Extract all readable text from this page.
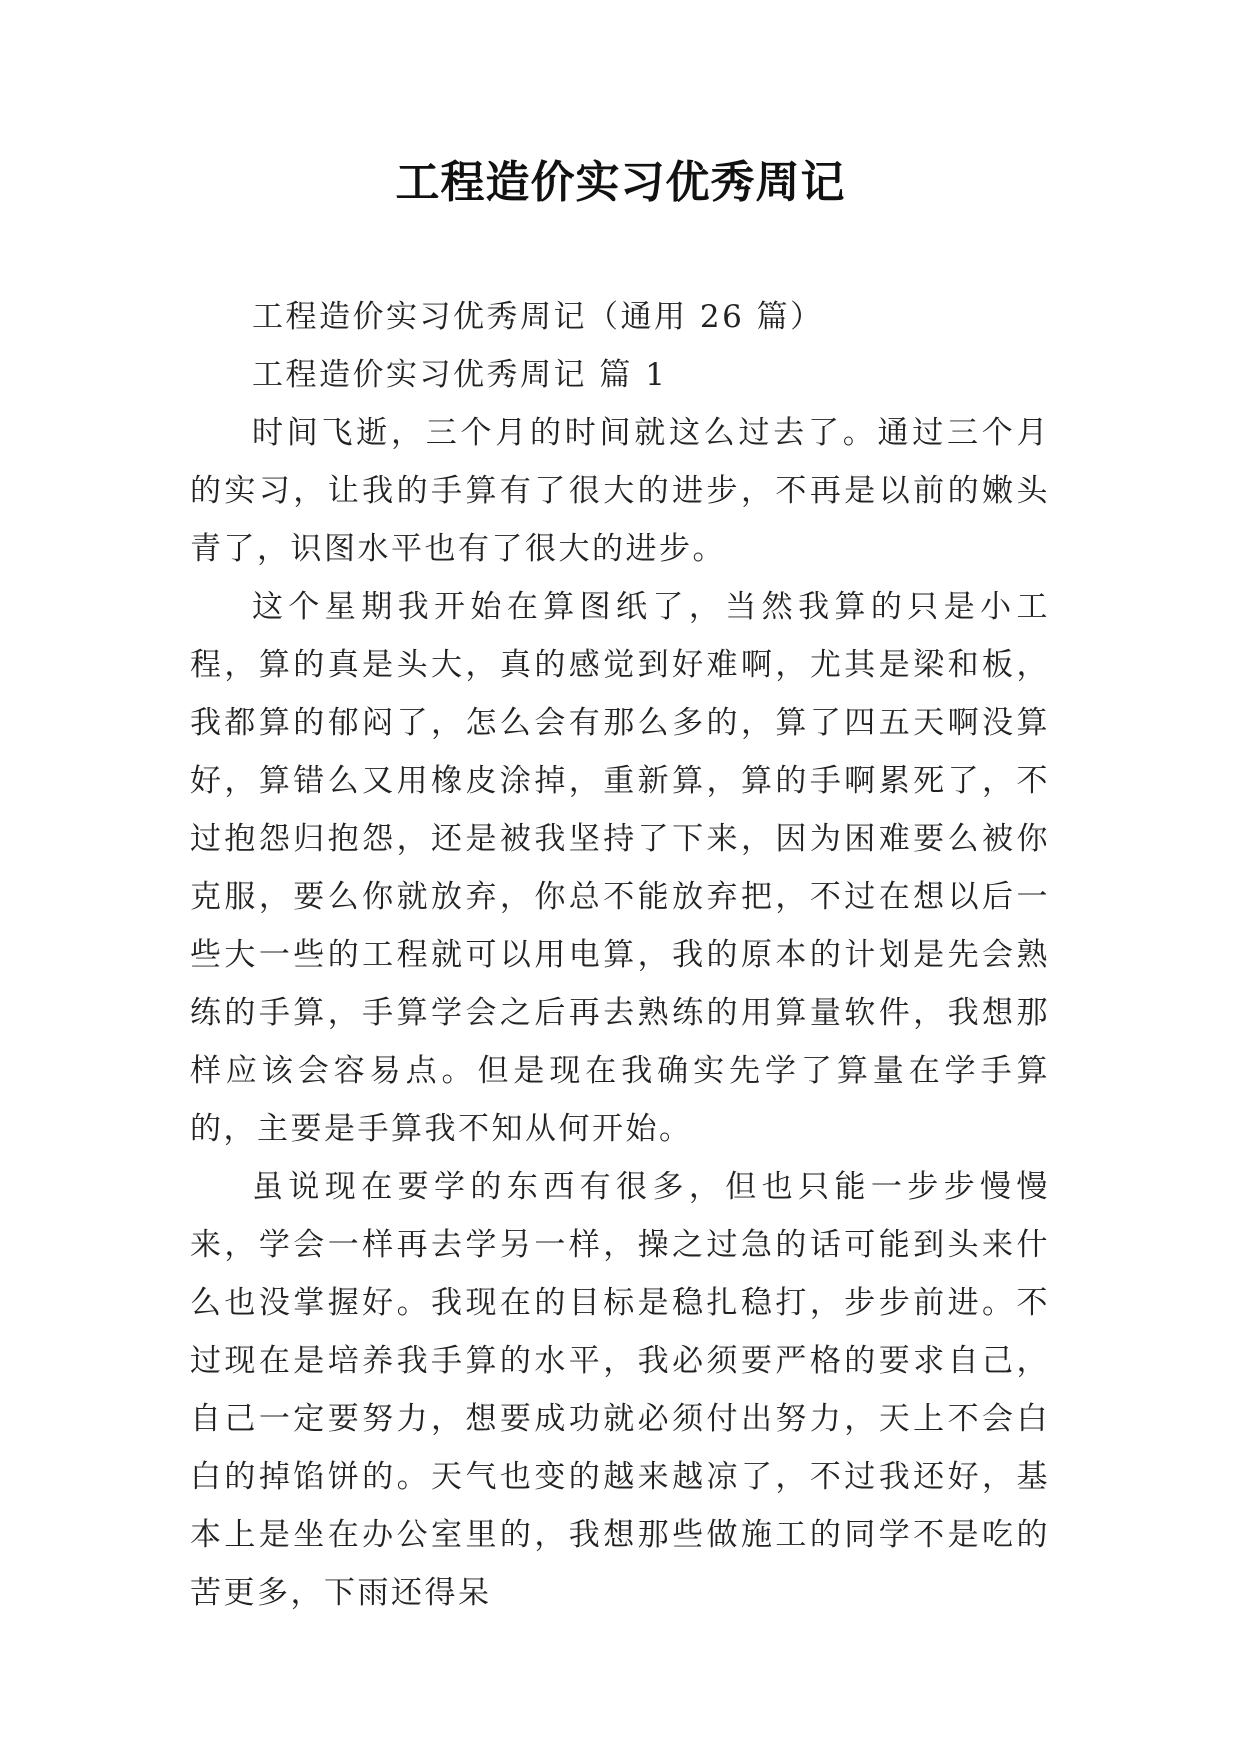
工程造价实习优秀周记

工程造价实习优秀周记（通用 26 篇）

工程造价实习优秀周记 篇 1

时间飞逝，三个月的时间就这么过去了。通过三个月的实习，让我的手算有了很大的进步，不再是以前的嫩头青了，识图水平也有了很大的进步。

这个星期我开始在算图纸了，当然我算的只是小工程，算的真是头大，真的感觉到好难啊，尤其是梁和板，我都算的郁闷了，怎么会有那么多的，算了四五天啊没算好，算错么又用橡皮涂掉，重新算，算的手啊累死了，不过抱怨归抱怨，还是被我坚持了下来，因为困难要么被你克服，要么你就放弃，你总不能放弃把，不过在想以后一些大一些的工程就可以用电算，我的原本的计划是先会熟练的手算，手算学会之后再去熟练的用算量软件，我想那样应该会容易点。但是现在我确实先学了算量在学手算的，主要是手算我不知从何开始。

虽说现在要学的东西有很多，但也只能一步步慢慢来，学会一样再去学另一样，操之过急的话可能到头来什么也没掌握好。我现在的目标是稳扎稳打，步步前进。不过现在是培养我手算的水平，我必须要严格的要求自己，自己一定要努力，想要成功就必须付出努力，天上不会白白的掉馅饼的。天气也变的越来越凉了，不过我还好，基本上是坐在办公室里的，我想那些做施工的同学不是吃的苦更多，下雨还得呆
